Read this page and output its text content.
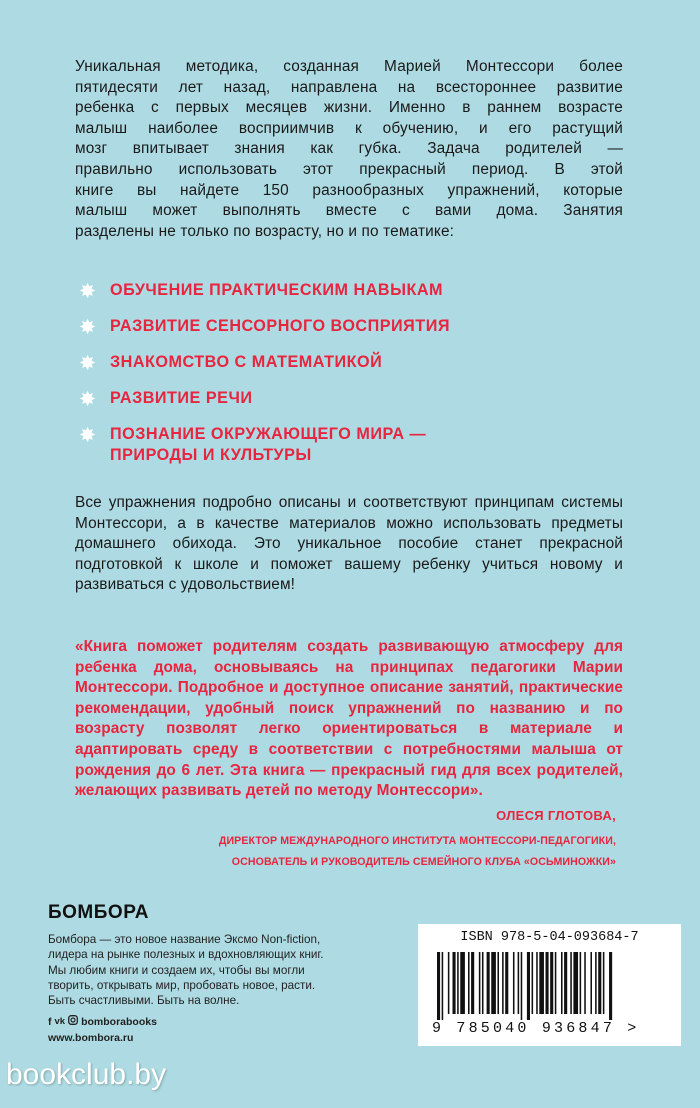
Уникальная методика, созданная Марией Монтессори более
пятидесяти лет назад, направлена на всестороннее развитие
ребенка с первых месяцев жизни. Именно в раннем возрасте
малыш наиболее восприимчив к обучению, и его растущий
мозг впитывает знания как губка. Задача родителей —
правильно использовать этот прекрасный период. В этой
книге вы найдете 150 разнообразных упражнений, которые
малыш может выполнять вместе с вами дома. Занятия
разделены не только по возрасту, но и по тематике:
✸ ОБУЧЕНИЕ ПРАКТИЧЕСКИМ НАВЫКАМ
✸ РАЗВИТИЕ СЕНСОРНОГО ВОСПРИЯТИЯ
✸ ЗНАКОМСТВО С МАТЕМАТИКОЙ
✸ РАЗВИТИЕ РЕЧИ
✸ ПОЗНАНИЕ ОКРУЖАЮЩЕГО МИРА —
ПРИРОДЫ И КУЛЬТУРЫ
Все упражнения подробно описаны и соответствуют принципам системы Монтессори, а в качестве материалов можно использовать предметы домашнего обихода. Это уникальное пособие станет прекрасной подготовкой к школе и поможет вашему ребенку учиться новому и развиваться с удовольствием!
«Книга поможет родителям создать развивающую атмосферу для ребенка дома, основываясь на принципах педагогики Марии Монтессори. Подробное и доступное описание занятий, практические рекомендации, удобный поиск упражнений по названию и по возрасту позволят легко ориентироваться в материале и адаптировать среду в соответствии с потребностями малыша от рождения до 6 лет. Эта книга — прекрасный гид для всех родителей, желающих развивать детей по методу Монтессори».
ОЛЕСЯ ГЛОТОВА,
ДИРЕКТОР МЕЖДУНАРОДНОГО ИНСТИТУТА МОНТЕССОРИ-ПЕДАГОГИКИ,
ОСНОВАТЕЛЬ И РУКОВОДИТЕЛЬ СЕМЕЙНОГО КЛУБА «ОСЬМИНОЖКИ»
БОМБОРА
Бомбора — это новое название Эксмо Non-fiction,
лидера на рынке полезных и вдохновляющих книг.
Мы любим книги и создаем их, чтобы вы могли
творить, открывать мир, пробовать новое, расти.
Быть счастливыми. Быть на волне.
f vk bomborabooks
www.bombora.ru
ISBN 978-5-04-093684-7
9 785040 936847 >
bookclub.by
